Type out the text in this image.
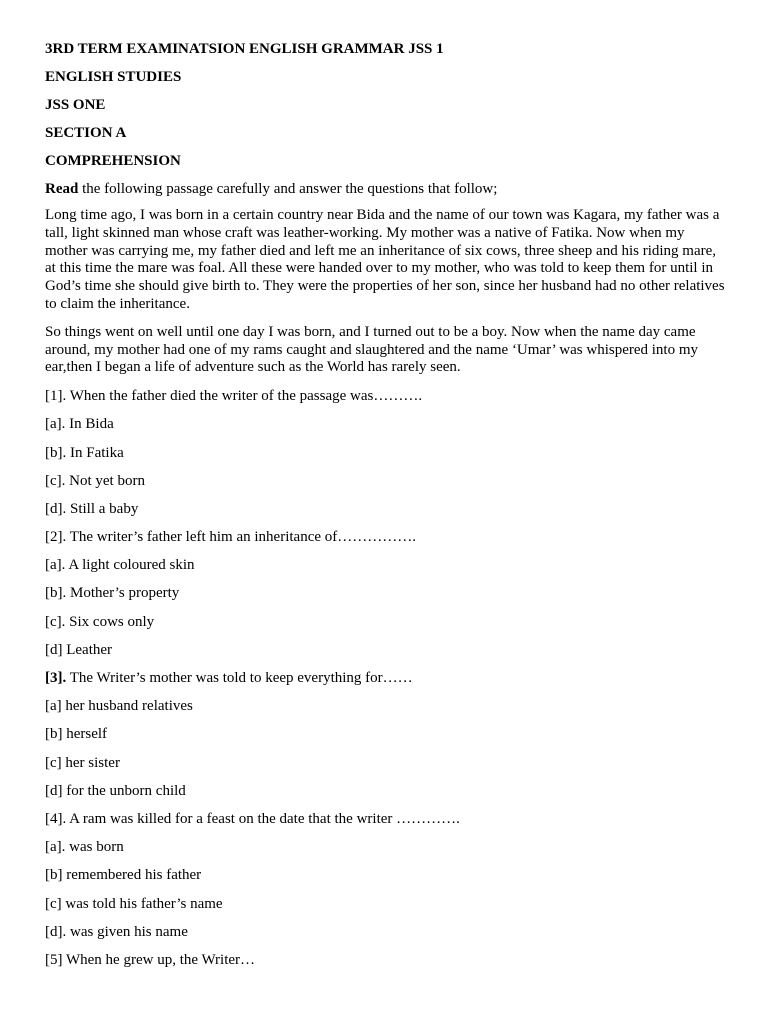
3RD TERM EXAMINATSION ENGLISH GRAMMAR JSS 1
ENGLISH STUDIES
JSS ONE
SECTION A
COMPREHENSION
Read the following passage carefully and answer the questions that follow;

Long time ago, I was born in a certain country near Bida and the name of our town was Kagara, my father was a tall, light skinned man whose craft was leather-working. My mother was a native of Fatika. Now when my mother was carrying me, my father died and left me an inheritance of six cows, three sheep and his riding mare, at this time the mare was foal. All these were handed over to my mother, who was told to keep them for until in God’s time she should give birth to. They were the properties of her son, since her husband had no other relatives to claim the inheritance.

So things went on well until one day I was born, and I turned out to be a boy. Now when the name day came around, my mother had one of my rams caught and slaughtered and the name ‘Umar’ was whispered into my ear,then I began a life of adventure such as the World has rarely seen.

[1]. When the father died the writer of the passage was……….
[a]. In Bida
[b]. In Fatika
[c]. Not yet born
[d]. Still a baby
[2]. The writer’s father left him an inheritance of…………….
[a]. A light coloured skin
[b]. Mother’s property
[c]. Six cows only
[d] Leather
[3]. The Writer’s mother was told to keep everything for……
[a] her husband relatives
[b] herself
[c] her sister
[d] for the unborn child
[4]. A ram was killed for a feast on the date that the writer ………….
[a]. was born
[b] remembered his father
[c] was told his father’s name
[d]. was given his name
[5] When he grew up, the Writer…
